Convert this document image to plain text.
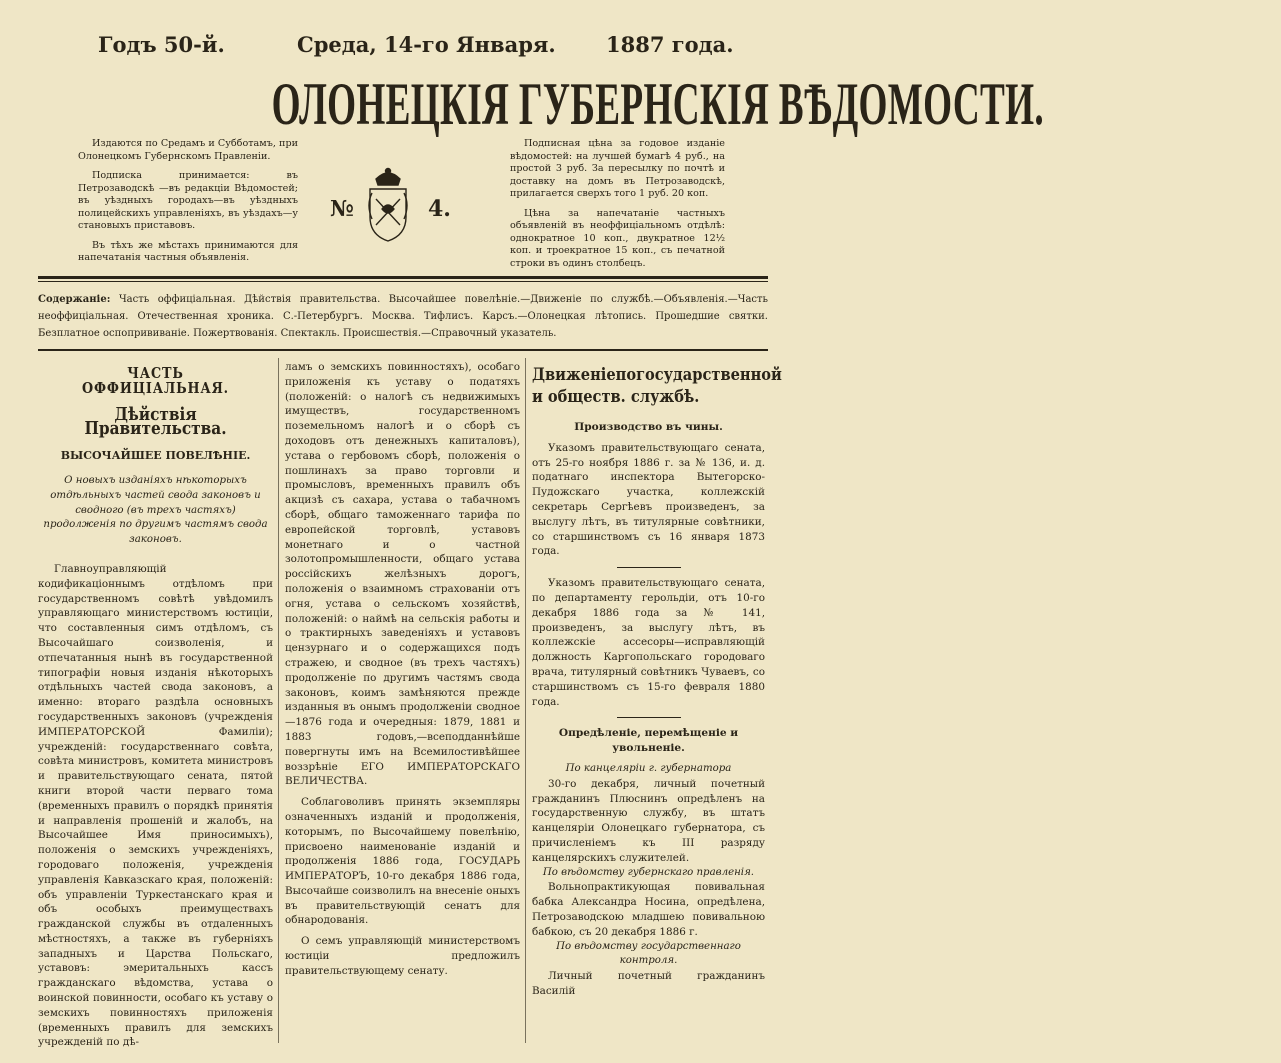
Годъ 50-й.	Среда, 14-го Января. 1887 года.
ОЛОНЕЦКІЯ ГУБЕРНСКІЯ ВѢДОМОСТИ.

Издаются по Средамъ и Субботамъ, при Олонецкомъ Губернскомъ Правленіи.

Подписка принимается: въ Петрозаводскѣ —въ редакціи Вѣдомостей; въ уѣздныхъ городахъ—въ уѣздныхъ полицейскихъ управленіяхъ, въ уѣздахъ—у становыхъ приставовъ.

Въ тѣхъ же мѣстахъ принимаются для напечатанія частныя объявленія.

№	4.

Подписная цѣна за годовое изданіе вѣдомостей: на лучшей бумагѣ 4 руб., на простой 3 руб. За пересылку по почтѣ и доставку на домъ въ Петрозаводскѣ, прилагается сверхъ того 1 руб. 20 коп.

Цѣна за напечатаніе частныхъ объявленій въ неоффиціальномъ отдѣлѣ: однократное 10 коп., двукратное 12½ коп. и троекратное 15 коп., съ печатной строки въ одинъ столбецъ.

Содержаніе: Часть оффиціальная. Дѣйствія правительства. Высочайшее повелѣніе.—Движеніе по службѣ.—Объявленія.—Часть неоффиціальная. Отечественная хроника. С.-Петербургъ. Москва. Тифлисъ. Карсъ.—Олонецкая лѣтопись. Прошедшие святки. Безплатное оспопрививаніе. Пожертвованія. Спектакль. Происшествія.—Справочный указатель.
ЧАСТЬ ОФФИЦІАЛЬНАЯ.
Дѣйствія Правительства.
ВЫСОЧАЙШЕЕ ПОВЕЛѢНІЕ.
О новыхъ изданіяхъ нѣкоторыхъ отдѣльныхъ частей свода законовъ и сводного (въ трехъ частяхъ) продолженія по другимъ частямъ свода законовъ.
Главноуправляющій кодификаціоннымъ отдѣломъ при государственномъ совѣтѣ увѣдомилъ управляющаго министерствомъ юстиціи, что составленныя симъ отдѣломъ, съ Высочайшаго соизволенія, и отпечатанныя нынѣ въ государственной типографіи новыя изданія нѣкоторыхъ отдѣльныхъ частей свода законовъ, а именно: втораго раздѣла основныхъ государственныхъ законовъ (учрежденія ИМПЕРАТОРСКОЙ Фамиліи); учрежденій: государственнаго совѣта, совѣта министровъ, комитета министровъ и правительствующаго сената, пятой книги второй части перваго тома (временныхъ правилъ о порядкѣ принятія и направленія прошеній и жалобъ, на Высочайшее Имя приносимыхъ), положенія о земскихъ учрежденіяхъ, городоваго положенія, учрежденія управленія Кавказскаго края, положеній: объ управленіи Туркестанскаго края и объ особыхъ преимуществахъ гражданской службы въ отдаленныхъ мѣстностяхъ, а также въ губерніяхъ западныхъ и Царства Польскаго, уставовъ: эмеритальныхъ кассъ гражданскаго вѣдомства, устава о воинской повинности, особаго къ уставу о земскихъ повинностяхъ приложенія (временныхъ правилъ для земскихъ учрежденій по дѣ-
ламъ о земскихъ повинностяхъ), особаго приложенія къ уставу о податяхъ (положеній: о налогѣ съ недвижимыхъ имуществъ, государственномъ поземельномъ налогѣ и о сборѣ съ доходовъ отъ денежныхъ капиталовъ), устава о гербовомъ сборѣ, положенія о пошлинахъ за право торговли и промысловъ, временныхъ правилъ объ акцизѣ съ сахара, устава о табачномъ сборѣ, общаго таможеннаго тарифа по европейской торговлѣ, уставовъ монетнаго и о частной золотопромышленности, общаго устава россійскихъ желѣзныхъ дорогъ, положенія о взаимномъ страхованіи отъ огня, устава о сельскомъ хозяйствѣ, положеній: о наймѣ на сельскія работы и о трактирныхъ заведеніяхъ и уставовъ цензурнаго и о содержащихся подъ стражею, и сводное (въ трехъ частяхъ) продолженіе по другимъ частямъ свода законовъ, коимъ замѣняются прежде изданныя въ онымъ продолженіи сводное—1876 года и очередныя: 1879, 1881 и 1883 годовъ,—всеподданнѣйше повергнуты имъ на Всемилостивѣйшее воззрѣніе ЕГО ИМПЕРАТОРСКАГО ВЕЛИЧЕСТВА.
Соблаговоливъ принять экземпляры означенныхъ изданій и продолженія, которымъ, по Высочайшему повелѣнію, присвоено наименованіе изданій и продолженія 1886 года, ГОСУДАРЬ ИМПЕРАТОРЪ, 10-го декабря 1886 года, Высочайше соизволилъ на внесеніе оныхъ въ правительствующій сенатъ для обнародованія.
О семъ управляющій министерствомъ юстиціи предложилъ правительствующему сенату.
Движеніепогосударственной и обществ. службѣ.
Производство въ чины.
Указомъ правительствующаго сената, отъ 25-го ноября 1886 г. за № 136, и. д. податнаго инспектора Вытегорско-Пудожскаго участка, коллежскій секретарь Сергѣевъ произведенъ, за выслугу лѣтъ, въ титулярные совѣтники, со старшинствомъ съ 16 января 1873 года.
Указомъ правительствующаго сената, по департаменту герольдіи, отъ 10-го декабря 1886 года за № 141, произведенъ, за выслугу лѣтъ, въ коллежскіе ассесоры—исправляющій должность Каргопольскаго городоваго врача, титулярный совѣтникъ Чуваевъ, со старшинствомъ съ 15-го февраля 1880 года.
Опредѣленіе, перемѣщеніе и увольненіе.
По канцеляріи г. губернатора
30-го декабря, личный почетный гражданинъ Плюснинъ опредѣленъ на государственную службу, въ штатъ канцеляріи Олонецкаго губернатора, съ причисленіемъ къ III разряду канцелярскихъ служителей.
По вѣдомству губернскаго правленія.
Вольнопрактикующая повивальная бабка Александра Носина, опредѣлена, Петрозаводскою младшею повивальною бабкою, съ 20 декабря 1886 г.
По вѣдомству государственнаго контроля.
Личный почетный гражданинъ Василій
